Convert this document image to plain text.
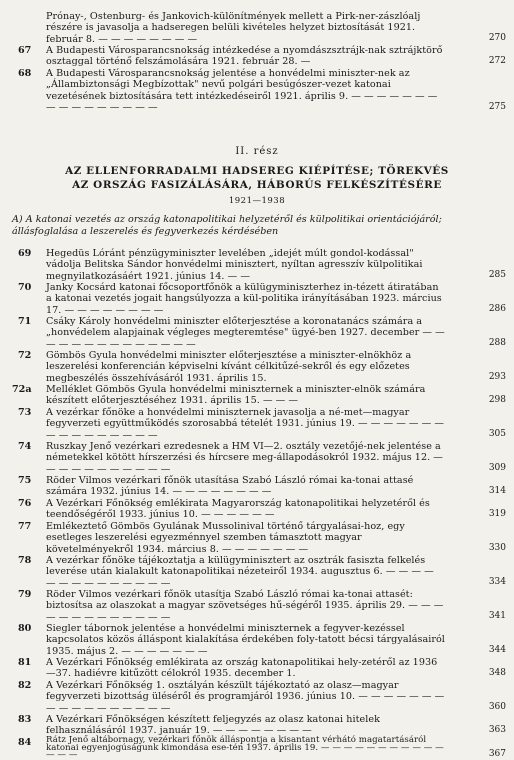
Prónay-, Ostenburg- és Jankovich-különítmények mellett a Pirk-ner-zászlóalj részére is javasolja a hadseregen belüli kivételes helyzet biztosítását 1921. február 8. — — — — — — — —	270
67	A Budapesti Városparancsnokság intézkedése a nyomdászsztrájk-nak sztrájktörő osztaggal történő felszámolására 1921. február 28. —	272
68	A Budapesti Városparancsnokság jelentése a honvédelmi miniszter-nek az „Állambiztonsági Megbízottak" nevű polgári besúgószer-vezet katonai vezetésének biztosítására tett intézkedéseiről 1921. április 9. — — — — — — — — — — — — — — — —	275
II. rész
AZ ELLENFORRADALMI HADSEREG KIÉPÍTÉSE; TÖREKVÉS
AZ ORSZÁG FASIZÁLÁSÁRA, HÁBORÚS FELKÉSZÍTÉSÉRE
1921—1938
A) A katonai vezetés az ország katonapolitikai helyzetéről és külpolitikai orientációjáról; állásfoglalása a leszerelés és fegyverkezés kérdésében
69	Hegedüs Lóránt pénzügyminiszter levelében „idejét múlt gondol-kodással" vádolja Belitska Sándor honvédelmi minisztert, nyíltan agresszív külpolitikai megnyilatkozásáért 1921. június 14. — —	285
70	Janky Kocsárd katonai főcsoportfőnök a külügyminiszterhez in-tézett átiratában a katonai vezetés jogait hangsúlyozza a kül-politika irányításában 1923. március 17. — — — — — — — —	286
71	Csáky Károly honvédelmi miniszter előterjesztése a koronatanács számára a „honvédelem alapjainak végleges megteremtése" ügyé-ben 1927. december — — — — — — — — — — — — — —	288
72	Gömbös Gyula honvédelmi miniszter előterjesztése a miniszter-elnökhöz a leszerelési konferencián képviselni kívánt célkitűzé-sekről és egy előzetes megbeszélés összehívásáról 1931. április 15.	293
72a	Melléklet Gömbös Gyula honvédelmi miniszternek a miniszter-elnök számára készített előterjesztéséhez 1931. április 15. — — —	298
73	A vezérkar főnöke a honvédelmi miniszternek javasolja a né-met—magyar fegyverzeti együttműködés szorosabbá tételét 1931. június 19. — — — — — — — — — — — — — — — —	305
74	Ruszkay Jenő vezérkari ezredesnek a HM VI—2. osztály vezetőjé-nek jelentése a németekkel kötött hírszerzési és hírcsere meg-állapodásokról 1932. május 12. — — — — — — — — — — —	309
75	Röder Vilmos vezérkari főnök utasítása Szabó László római ka-tonai attasé számára 1932. június 14. — — — — — — — —	314
76	A Vezérkari Főnökség emlékirata Magyarország katonapolitikai helyzetéről és teendőségéről 1933. június 10. — — — — — —	319
77	Emlékeztető Gömbös Gyulának Mussolinival történő tárgyalásai-hoz, egy esetleges leszerelési egyezménnyel szemben támasztott magyar követelményekről 1934. március 8. — — — — — — —	330
78	A vezérkar főnöke tájékoztatja a külügyminisztert az osztrák fasiszta felkelés leverése után kialakult katonapolitikai nézeteiről 1934. augusztus 6. — — — — — — — — — — — — — —	334
79	Röder Vilmos vezérkari főnök utasítja Szabó László római ka-tonai attasét: biztosítsa az olaszokat a magyar szövetséges hű-ségéről 1935. április 29. — — — — — — — — — — — — —	341
80	Siegler tábornok jelentése a honvédelmi miniszternek a fegyver-kezéssel kapcsolatos közös álláspont kialakítása érdekében foly-tatott bécsi tárgyalásairól 1935. május 2. — — — — — — —	344
81	A Vezérkari Főnökség emlékirata az ország katonapolitikai hely-zetéről az 1936—37. hadiévre kitűzött célokról 1935. december 1.	348
82	A Vezérkari Főnökség 1. osztályán készült tájékoztató az olasz—magyar fegyverzeti bizottság üléséről és programjáról 1936. június 10. — — — — — — — — — — — — — — — — —	360
83	A Vezérkari Főnökségen készített feljegyzés az olasz katonai hitelek felhasználásáról 1937. január 19. — — — — — — — —	363
84	Rátz Jenő altábornagy, vezérkari főnök álláspontja a kisantant vérhátó magatartásáról katonai egyenjogúságunk kimondása ese-tén 1937. április 19. — — — — — — — — — — — — — —	367
